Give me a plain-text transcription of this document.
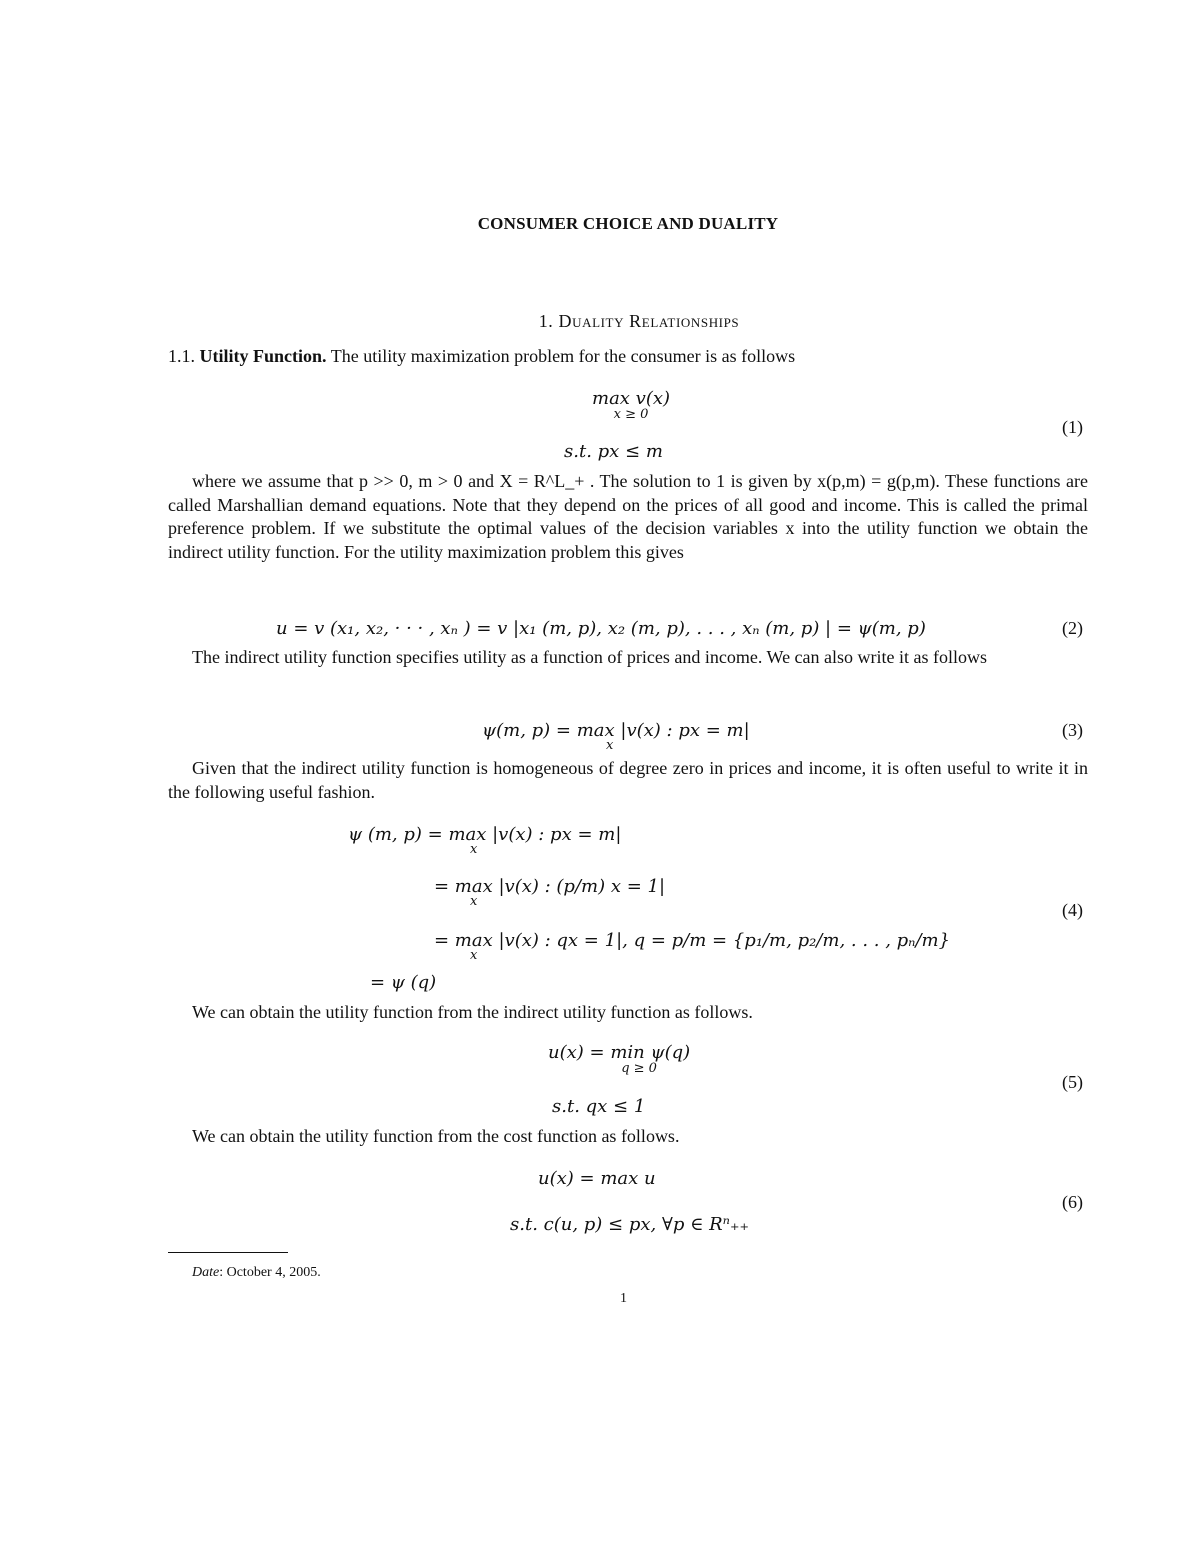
CONSUMER CHOICE AND DUALITY
1. Duality Relationships
1.1. Utility Function. The utility maximization problem for the consumer is as follows
max v(x)
x ≥ 0
s.t. px ≤ m
(1)
where we assume that p >> 0, m > 0 and X = R^L_+ . The solution to 1 is given by x(p,m) = g(p,m). These functions are called Marshallian demand equations. Note that they depend on the prices of all good and income. This is called the primal preference problem. If we substitute the optimal values of the decision variables x into the utility function we obtain the indirect utility function. For the utility maximization problem this gives
u = v (x₁, x₂, · · · , xₙ ) = v |x₁ (m, p), x₂ (m, p), . . . , xₙ (m, p) | = ψ(m, p)	(2)
The indirect utility function specifies utility as a function of prices and income. We can also write it as follows
ψ(m, p) = max |v(x) : px = m|
x
(3)
Given that the indirect utility function is homogeneous of degree zero in prices and income, it is often useful to write it in the following useful fashion.
ψ (m, p) = max |v(x) : px = m|
x
= max |v(x) : (p/m) x = 1|
x
= max |v(x) : qx = 1|, q = p/m = {p₁/m, p₂/m, . . . , pₙ/m}
x
= ψ (q)
(4)
We can obtain the utility function from the indirect utility function as follows.
u(x) = min ψ(q)
q ≥ 0
s.t. qx ≤ 1
(5)
We can obtain the utility function from the cost function as follows.
u(x) = max u
s.t. c(u, p) ≤ px, ∀p ∈ Rⁿ₊₊
(6)
Date: October 4, 2005.
1
